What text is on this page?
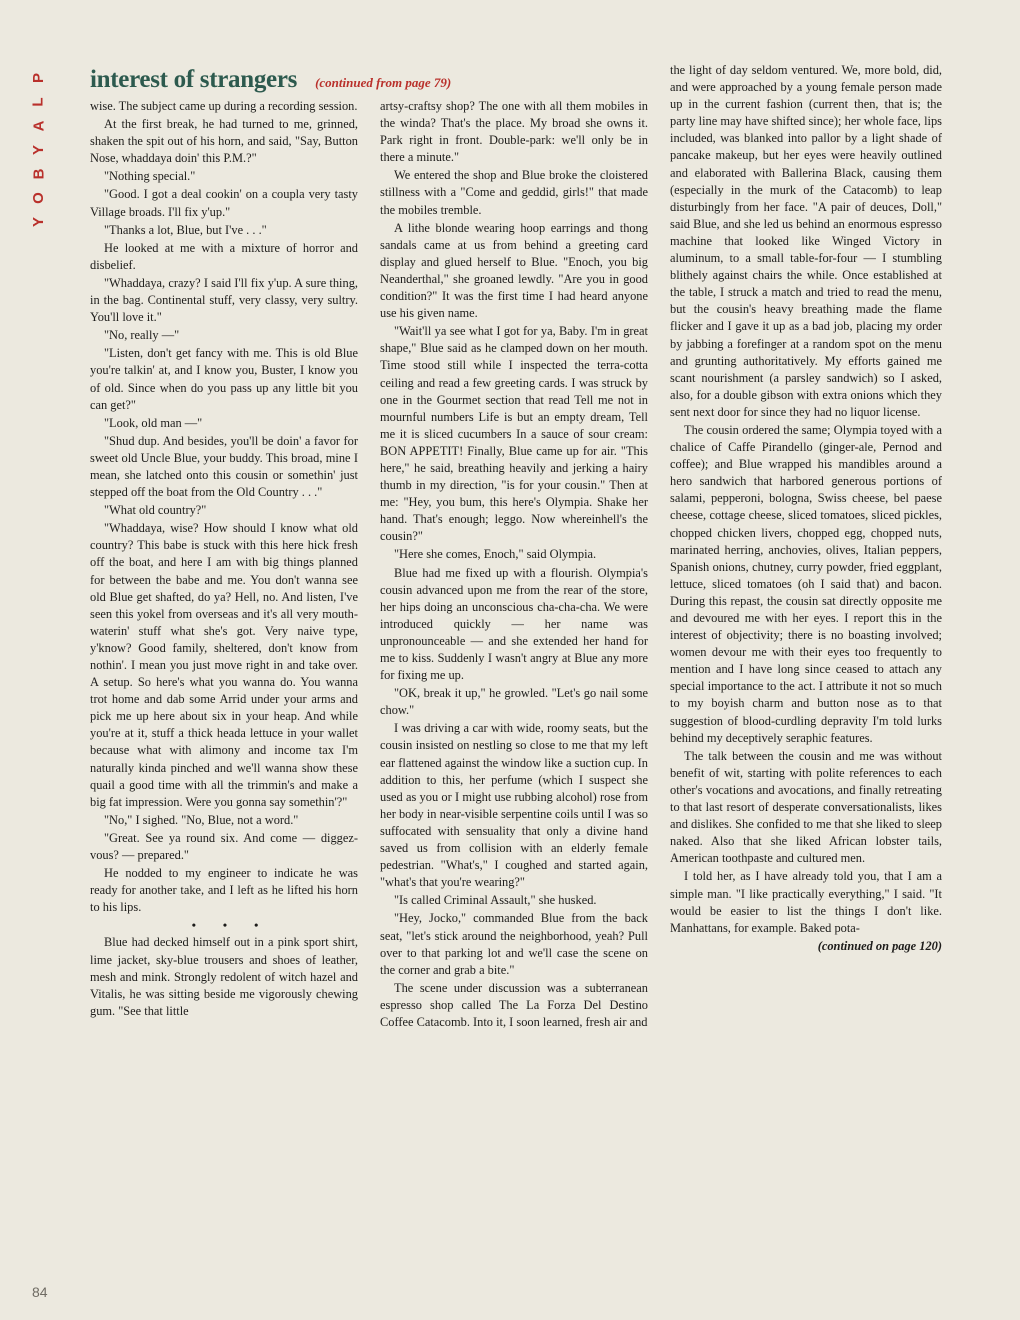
P
L
A
Y
B
O
Y
interest of strangers (continued from page 79)

wise. The subject came up during a recording session.

At the first break, he had turned to me, grinned, shaken the spit out of his horn, and said, "Say, Button Nose, whaddaya doin' this P.M.?"

"Nothing special."

"Good. I got a deal cookin' on a coupla very tasty Village broads. I'll fix y'up."

"Thanks a lot, Blue, but I've . . ."

He looked at me with a mixture of horror and disbelief.

"Whaddaya, crazy? I said I'll fix y'up. A sure thing, in the bag. Continental stuff, very classy, very sultry. You'll love it."

"No, really —"

"Listen, don't get fancy with me. This is old Blue you're talkin' at, and I know you, Buster, I know you of old. Since when do you pass up any little bit you can get?"

"Look, old man —"

"Shud dup. And besides, you'll be doin' a favor for sweet old Uncle Blue, your buddy. This broad, mine I mean, she latched onto this cousin or somethin' just stepped off the boat from the Old Country . . ."

"What old country?"

"Whaddaya, wise? How should I know what old country? This babe is stuck with this here hick fresh off the boat, and here I am with big things planned for between the babe and me. You don't wanna see old Blue get shafted, do ya? Hell, no. And listen, I've seen this yokel from overseas and it's all very mouth-waterin' stuff what she's got. Very naive type, y'know? Good family, sheltered, don't know from nothin'. I mean you just move right in and take over. A setup. So here's what you wanna do. You wanna trot home and dab some Arrid under your arms and pick me up here about six in your heap. And while you're at it, stuff a thick heada lettuce in your wallet because what with alimony and income tax I'm naturally kinda pinched and we'll wanna show these quail a good time with all the trimmin's and make a big fat impression. Were you gonna say somethin'?"

"No," I sighed. "No, Blue, not a word."

"Great. See ya round six. And come — diggez-vous? — prepared."

He nodded to my engineer to indicate he was ready for another take, and I left as he lifted his horn to his lips.

• • •

Blue had decked himself out in a pink sport shirt, lime jacket, sky-blue trousers and shoes of leather, mesh and mink. Strongly redolent of witch hazel and Vitalis, he was sitting beside me vigorously chewing gum. "See that little

artsy-craftsy shop? The one with all them mobiles in the winda? That's the place. My broad she owns it. Park right in front. Double-park: we'll only be in there a minute."

We entered the shop and Blue broke the cloistered stillness with a "Come and geddid, girls!" that made the mobiles tremble.

A lithe blonde wearing hoop earrings and thong sandals came at us from behind a greeting card display and glued herself to Blue. "Enoch, you big Neanderthal," she groaned lewdly. "Are you in good condition?" It was the first time I had heard anyone use his given name.

"Wait'll ya see what I got for ya, Baby. I'm in great shape," Blue said as he clamped down on her mouth. Time stood still while I inspected the terra-cotta ceiling and read a few greeting cards. I was struck by one in the Gourmet section that read Tell me not in mournful numbers Life is but an empty dream, Tell me it is sliced cucumbers In a sauce of sour cream: BON APPETIT! Finally, Blue came up for air. "This here," he said, breathing heavily and jerking a hairy thumb in my direction, "is for your cousin." Then at me: "Hey, you bum, this here's Olympia. Shake her hand. That's enough; leggo. Now whereinhell's the cousin?"

"Here she comes, Enoch," said Olympia.

Blue had me fixed up with a flourish. Olympia's cousin advanced upon me from the rear of the store, her hips doing an unconscious cha-cha-cha. We were introduced quickly — her name was unpronounceable — and she extended her hand for me to kiss. Suddenly I wasn't angry at Blue any more for fixing me up.

"OK, break it up," he growled. "Let's go nail some chow."

I was driving a car with wide, roomy seats, but the cousin insisted on nestling so close to me that my left ear flattened against the window like a suction cup. In addition to this, her perfume (which I suspect she used as you or I might use rubbing alcohol) rose from her body in near-visible serpentine coils until I was so suffocated with sensuality that only a divine hand saved us from collision with an elderly female pedestrian. "What's," I coughed and started again, "what's that you're wearing?"

"Is called Criminal Assault," she husked.

"Hey, Jocko," commanded Blue from the back seat, "let's stick around the neighborhood, yeah? Pull over to that parking lot and we'll case the scene on the corner and grab a bite."

The scene under discussion was a subterranean espresso shop called The La Forza Del Destino Coffee Catacomb. Into it, I soon learned, fresh air and

the light of day seldom ventured. We, more bold, did, and were approached by a young female person made up in the current fashion (current then, that is; the party line may have shifted since); her whole face, lips included, was blanked into pallor by a light shade of pancake makeup, but her eyes were heavily outlined and elaborated with Ballerina Black, causing them (especially in the murk of the Catacomb) to leap disturbingly from her face. "A pair of deuces, Doll," said Blue, and she led us behind an enormous espresso machine that looked like Winged Victory in aluminum, to a small table-for-four — I stumbling blithely against chairs the while. Once established at the table, I struck a match and tried to read the menu, but the cousin's heavy breathing made the flame flicker and I gave it up as a bad job, placing my order by jabbing a forefinger at a random spot on the menu and grunting authoritatively. My efforts gained me scant nourishment (a parsley sandwich) so I asked, also, for a double gibson with extra onions which they sent next door for since they had no liquor license.

The cousin ordered the same; Olympia toyed with a chalice of Caffe Pirandello (ginger-ale, Pernod and coffee); and Blue wrapped his mandibles around a hero sandwich that harbored generous portions of salami, pepperoni, bologna, Swiss cheese, bel paese cheese, cottage cheese, sliced tomatoes, sliced pickles, chopped chicken livers, chopped egg, chopped nuts, marinated herring, anchovies, olives, Italian peppers, Spanish onions, chutney, curry powder, fried eggplant, lettuce, sliced tomatoes (oh I said that) and bacon. During this repast, the cousin sat directly opposite me and devoured me with her eyes. I report this in the interest of objectivity; there is no boasting involved; women devour me with their eyes too frequently to mention and I have long since ceased to attach any special importance to the act. I attribute it not so much to my boyish charm and button nose as to that suggestion of blood-curdling depravity I'm told lurks behind my deceptively seraphic features.

The talk between the cousin and me was without benefit of wit, starting with polite references to each other's vocations and avocations, and finally retreating to that last resort of desperate conversationalists, likes and dislikes. She confided to me that she liked to sleep naked. Also that she liked African lobster tails, American toothpaste and cultured men.

I told her, as I have already told you, that I am a simple man. "I like practically everything," I said. "It would be easier to list the things I don't like. Manhattans, for example. Baked pota-

(continued on page 120)

84
